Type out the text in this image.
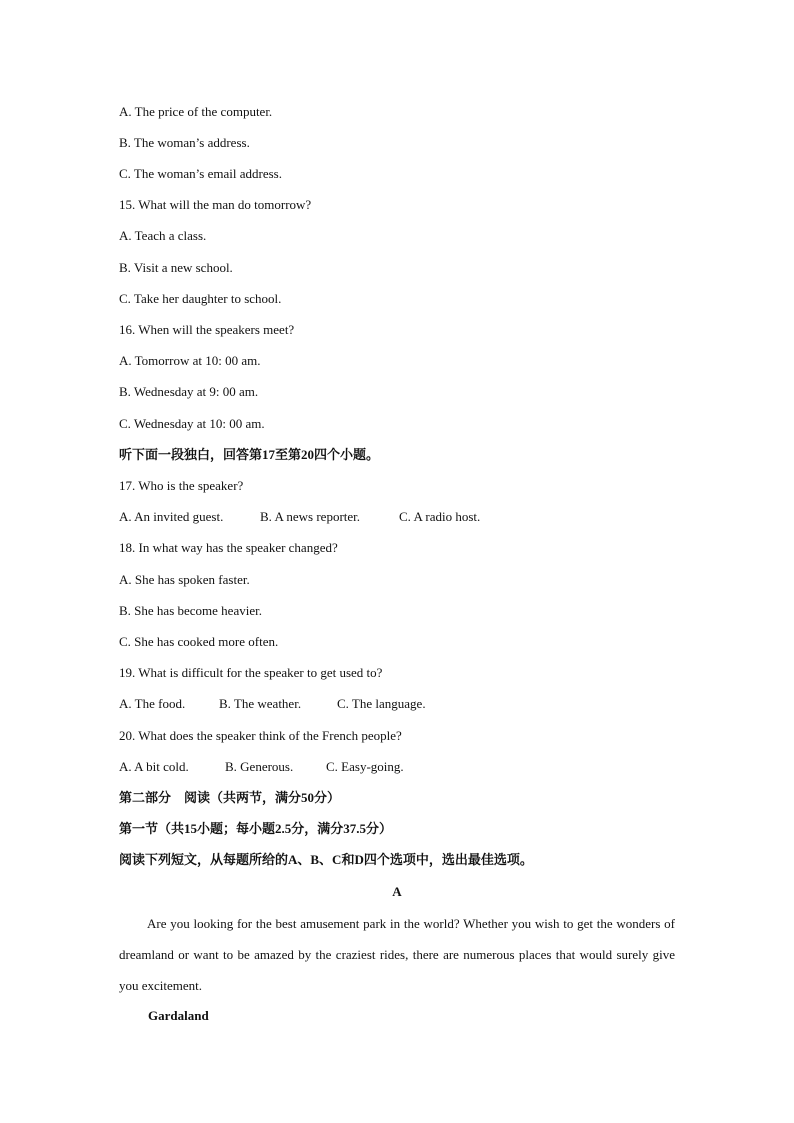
A. The price of the computer.
B. The woman’s address.
C. The woman’s email address.
15. What will the man do tomorrow?
A. Teach a class.
B. Visit a new school.
C. Take her daughter to school.
16. When will the speakers meet?
A. Tomorrow at 10: 00 am.
B. Wednesday at 9: 00 am.
C. Wednesday at 10: 00 am.
听下面一段独白，回答第17至第20四个小题。
17. Who is the speaker?
A. An invited guest.	B. A news reporter.	C. A radio host.
18. In what way has the speaker changed?
A. She has spoken faster.
B. She has become heavier.
C. She has cooked more often.
19. What is difficult for the speaker to get used to?
A. The food.	B. The weather.	C. The language.
20. What does the speaker think of the French people?
A. A bit cold.	B. Generous.	C. Easy-going.
第二部分　阅读（共两节，满分50分）
第一节（共15小题；每小题2.5分，满分37.5分）
阅读下列短文，从每题所给的A、B、C和D四个选项中，选出最佳选项。
A
Are you looking for the best amusement park in the world? Whether you wish to get the wonders of dreamland or want to be amazed by the craziest rides, there are numerous places that would surely give you excitement.
Gardaland
